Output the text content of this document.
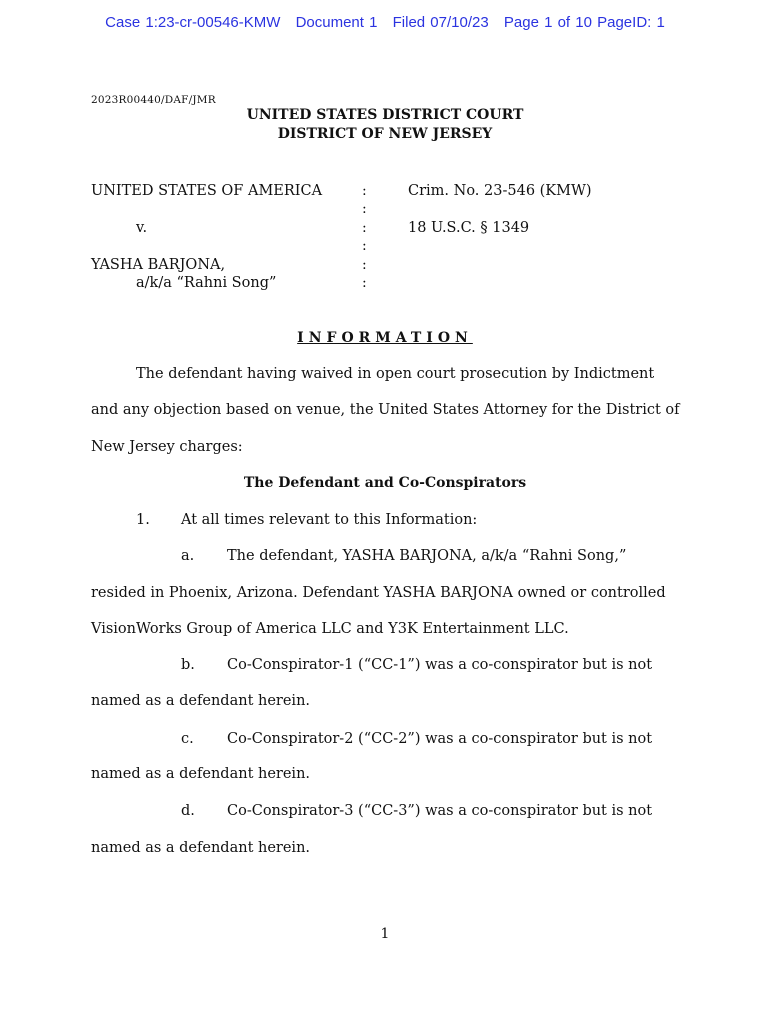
Case 1:23-cr-00546-KMW Document 1 Filed 07/10/23 Page 1 of 10 PageID: 1
2023R00440/DAF/JMR
UNITED STATES DISTRICT COURT
DISTRICT OF NEW JERSEY
UNITED STATES OF AMERICA
v.
YASHA BARJONA,
a/k/a “Rahni Song”
:
:
:
:
:
:
Crim. No. 23-546 (KMW)
18 U.S.C. § 1349
INFORMATION
The defendant having waived in open court prosecution by Indictment
and any objection based on venue, the United States Attorney for the District of
New Jersey charges:
The Defendant and Co-Conspirators
1. At all times relevant to this Information:
a. The defendant, YASHA BARJONA, a/k/a “Rahni Song,”
resided in Phoenix, Arizona. Defendant YASHA BARJONA owned or controlled
VisionWorks Group of America LLC and Y3K Entertainment LLC.
b. Co-Conspirator-1 (“CC-1”) was a co-conspirator but is not
named as a defendant herein.
c. Co-Conspirator-2 (“CC-2”) was a co-conspirator but is not
named as a defendant herein.
d. Co-Conspirator-3 (“CC-3”) was a co-conspirator but is not
named as a defendant herein.
1
